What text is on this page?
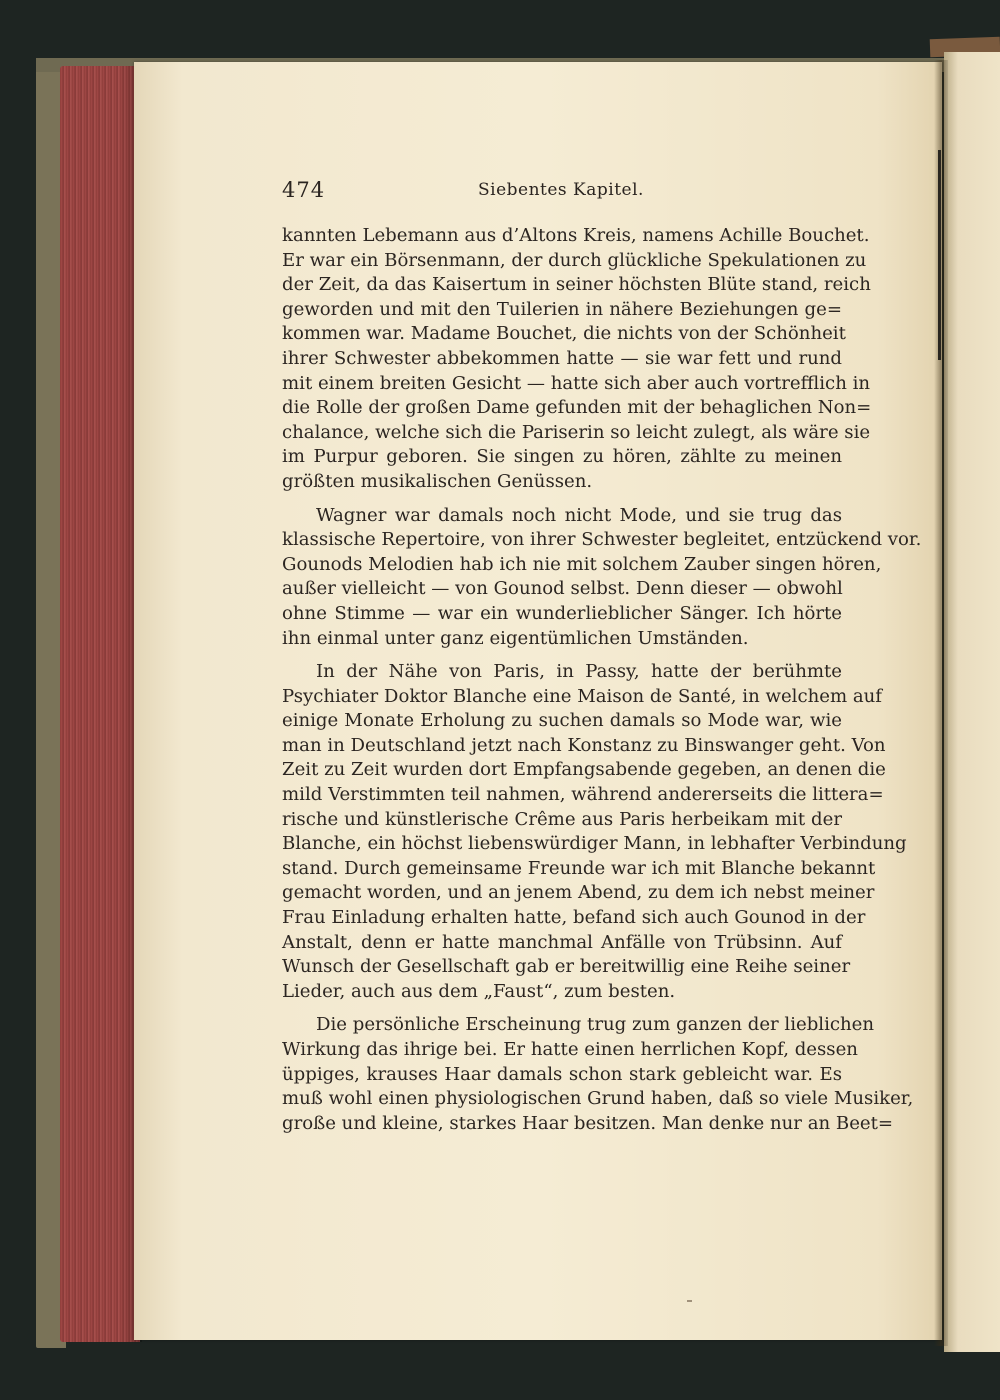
474	Siebentes Kapitel.
kannten Lebemann aus d’Altons Kreis, namens Achille Bouchet.
Er war ein Börsenmann, der durch glückliche Spekulationen zu
der Zeit, da das Kaisertum in seiner höchsten Blüte stand, reich
geworden und mit den Tuilerien in nähere Beziehungen ge=
kommen war. Madame Bouchet, die nichts von der Schönheit
ihrer Schwester abbekommen hatte — sie war fett und rund
mit einem breiten Gesicht — hatte sich aber auch vortrefflich in
die Rolle der großen Dame gefunden mit der behaglichen Non=
chalance, welche sich die Pariserin so leicht zulegt, als wäre sie
im Purpur geboren. Sie singen zu hören, zählte zu meinen
größten musikalischen Genüssen.
Wagner war damals noch nicht Mode, und sie trug das
klassische Repertoire, von ihrer Schwester begleitet, entzückend vor.
Gounods Melodien hab ich nie mit solchem Zauber singen hören,
außer vielleicht — von Gounod selbst. Denn dieser — obwohl
ohne Stimme — war ein wunderlieblicher Sänger. Ich hörte
ihn einmal unter ganz eigentümlichen Umständen.
In der Nähe von Paris, in Passy, hatte der berühmte
Psychiater Doktor Blanche eine Maison de Santé, in welchem auf
einige Monate Erholung zu suchen damals so Mode war, wie
man in Deutschland jetzt nach Konstanz zu Binswanger geht. Von
Zeit zu Zeit wurden dort Empfangsabende gegeben, an denen die
mild Verstimmten teil nahmen, während andererseits die littera=
rische und künstlerische Crême aus Paris herbeikam mit der
Blanche, ein höchst liebenswürdiger Mann, in lebhafter Verbindung
stand. Durch gemeinsame Freunde war ich mit Blanche bekannt
gemacht worden, und an jenem Abend, zu dem ich nebst meiner
Frau Einladung erhalten hatte, befand sich auch Gounod in der
Anstalt, denn er hatte manchmal Anfälle von Trübsinn. Auf
Wunsch der Gesellschaft gab er bereitwillig eine Reihe seiner
Lieder, auch aus dem „Faust“, zum besten.
Die persönliche Erscheinung trug zum ganzen der lieblichen
Wirkung das ihrige bei. Er hatte einen herrlichen Kopf, dessen
üppiges, krauses Haar damals schon stark gebleicht war. Es
muß wohl einen physiologischen Grund haben, daß so viele Musiker,
große und kleine, starkes Haar besitzen. Man denke nur an Beet=
